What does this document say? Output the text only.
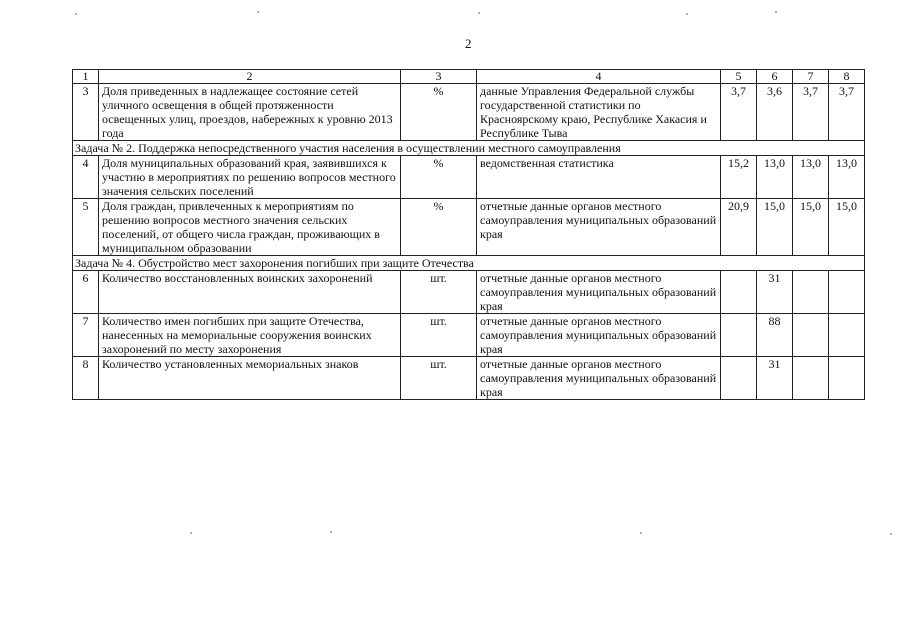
2
1	2	3	4	5	6	7	8
3	Доля приведенных в надлежащее состояние сетей уличного освещения в общей протяженности освещенных улиц, проездов, набережных к уровню 2013 года	%	данные Управления Федеральной службы государственной статистики по Красноярскому краю, Республике Хакасия и Республике Тыва	3,7	3,6	3,7	3,7
Задача № 2. Поддержка непосредственного участия населения в осуществлении местного самоуправления							
4	Доля муниципальных образований края, заявившихся к участию в мероприятиях по решению вопросов местного значения сельских поселений	%	ведомственная статистика	15,2	13,0	13,0	13,0
5	Доля граждан, привлеченных к мероприятиям по решению вопросов местного значения сельских поселений, от общего числа граждан, проживающих в муниципальном образовании	%	отчетные данные органов местного самоуправления муниципальных образований края	20,9	15,0	15,0	15,0
Задача № 4. Обустройство мест захоронения погибших при защите Отечества							
6	Количество восстановленных воинских захоронений	шт.	отчетные данные органов местного самоуправления муниципальных образований края		31		
7	Количество имен погибших при защите Отечества, нанесенных на мемориальные сооружения воинских захоронений по месту захоронения	шт.	отчетные данные органов местного самоуправления муниципальных образований края		88		
8	Количество установленных мемориальных знаков	шт.	отчетные данные органов местного самоуправления муниципальных образований края		31		
